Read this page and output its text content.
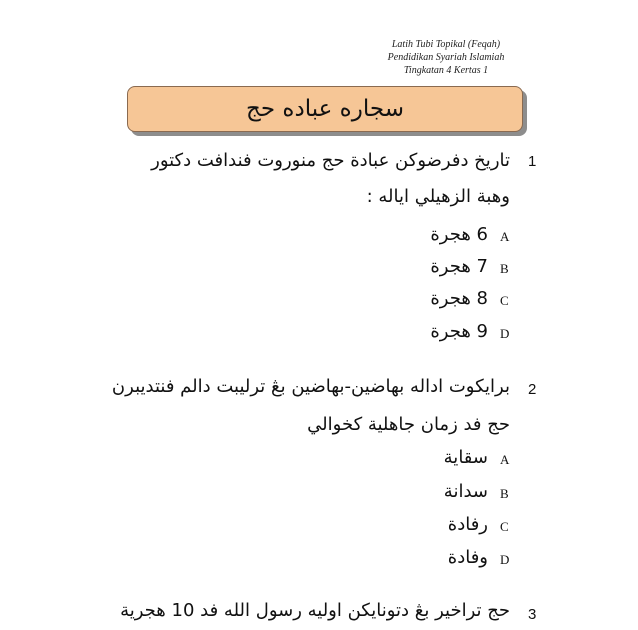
Latih Tubi Topikal (Feqah)
Pendidikan Syariah Islamiah
Tingkatan 4 Kertas 1
سجاره عباده حج
1
تاريخ دفرضوكن عبادة حج منوروت فندافت دكتور
وهبة الزهيلي اياله :
A
6 هجرة
B
7 هجرة
C
8 هجرة
D
9 هجرة
2
برايكوت اداله بهاضين-بهاضين بڠ ترليبت دالم فنتديبرن
حج فد زمان جاهلية كخوالي
A
سقاية
B
سدانة
C
رفادة
D
وفادة
3
حج تراخير بڠ دتونايكن اوليه رسول الله فد 10 هجرية
